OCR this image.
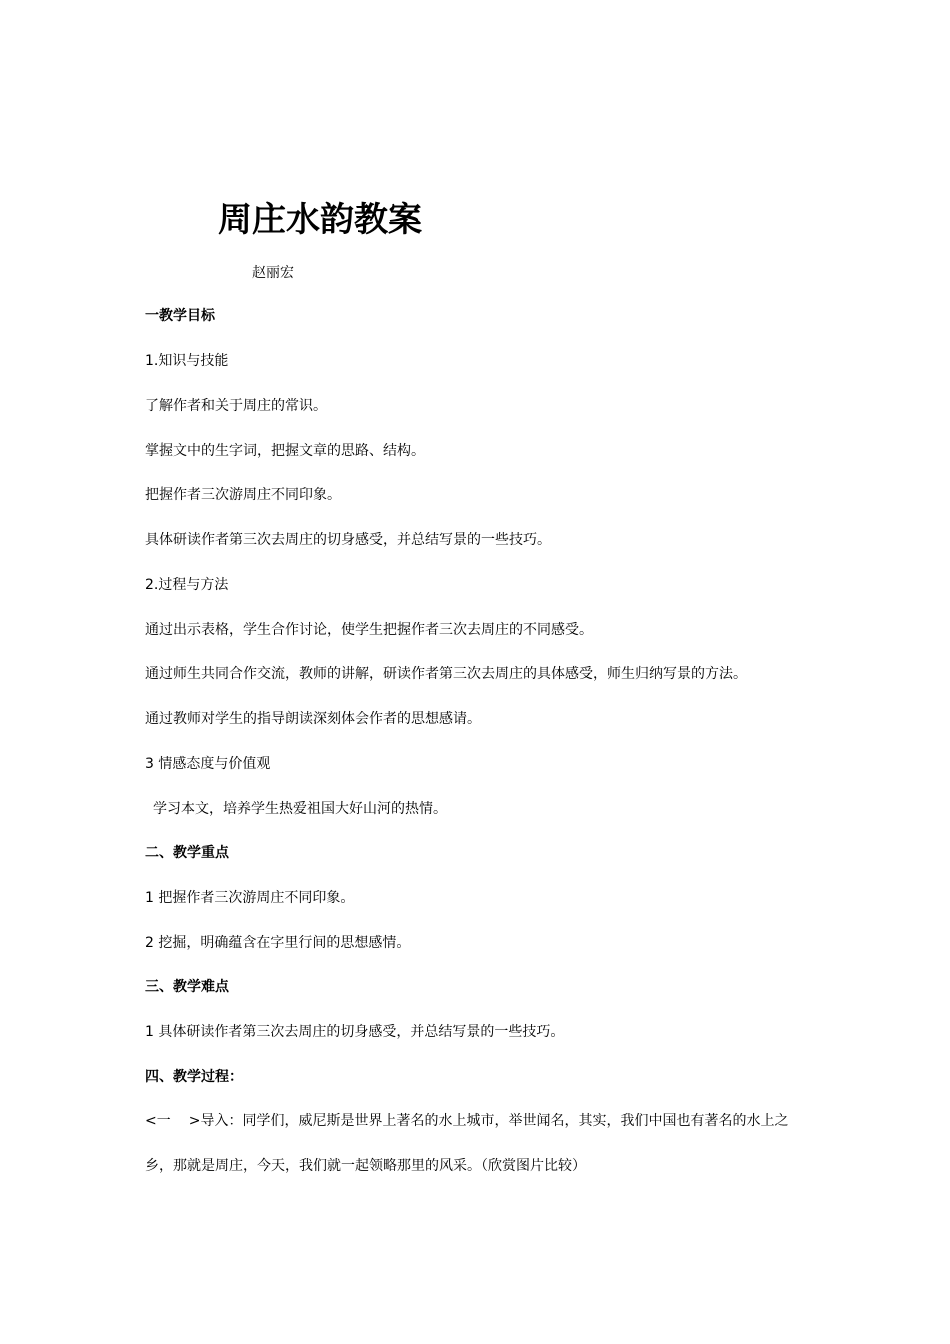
周庄水韵教案
赵丽宏
一教学目标
1.知识与技能
了解作者和关于周庄的常识。
掌握文中的生字词，把握文章的思路、结构。
把握作者三次游周庄不同印象。
具体研读作者第三次去周庄的切身感受，并总结写景的一些技巧。
2.过程与方法
通过出示表格，学生合作讨论，使学生把握作者三次去周庄的不同感受。
通过师生共同合作交流，教师的讲解，研读作者第三次去周庄的具体感受，师生归纳写景的方法。
通过教师对学生的指导朗读深刻体会作者的思想感请。
3 情感态度与价值观
学习本文，培养学生热爱祖国大好山河的热情。
二、教学重点
1 把握作者三次游周庄不同印象。
2 挖掘，明确蕴含在字里行间的思想感情。
三、教学难点
1 具体研读作者第三次去周庄的切身感受，并总结写景的一些技巧。
四、教学过程：
<一 >导入：同学们，威尼斯是世界上著名的水上城市，举世闻名，其实，我们中国也有著名的水上之
乡，那就是周庄，今天，我们就一起领略那里的风采。（欣赏图片比较）
